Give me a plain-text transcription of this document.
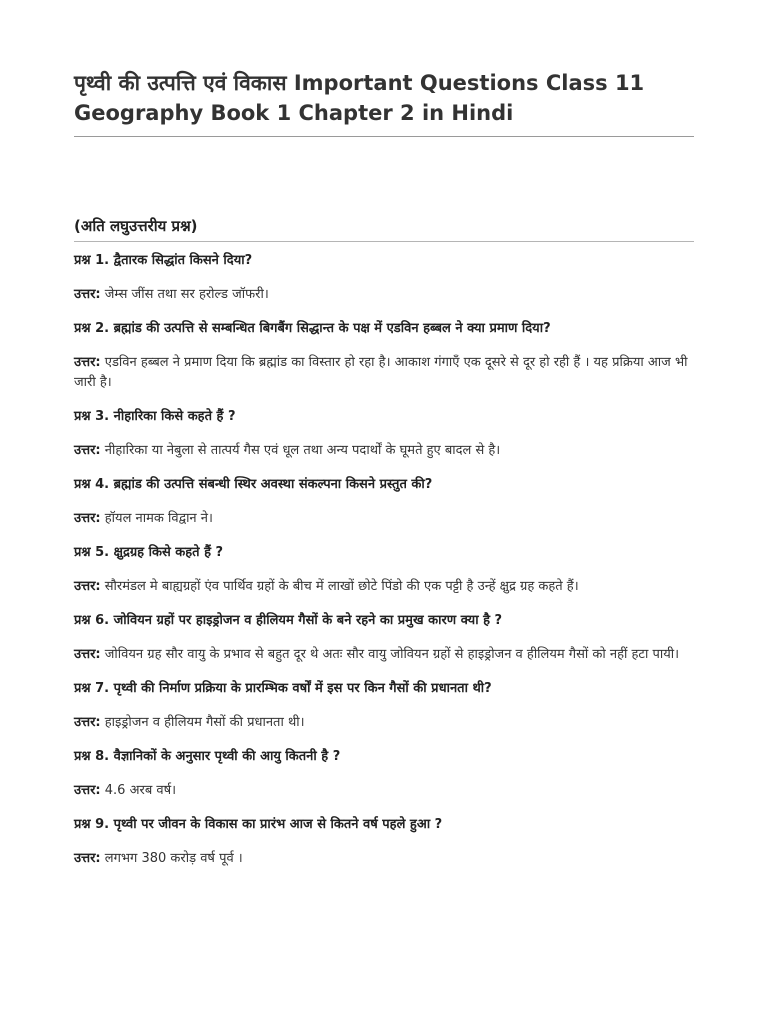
पृथ्वी की उत्पत्ति एवं विकास Important Questions Class 11 Geography Book 1 Chapter 2 in Hindi
(अति लघुउत्तरीय प्रश्न)
प्रश्न 1. द्वैतारक सिद्धांत किसने दिया?
उत्तर: जेम्स जींस तथा सर हरोल्ड जॉफरी।
प्रश्न 2. ब्रह्मांड की उत्पत्ति से सम्बन्धित बिगबैंग सिद्धान्त के पक्ष में एडविन हब्बल ने क्या प्रमाण दिया?
उत्तर: एडविन हब्बल ने प्रमाण दिया कि ब्रह्मांड का विस्तार हो रहा है। आकाश गंगाएँ एक दूसरे से दूर हो रही हैं । यह प्रक्रिया आज भी जारी है।
प्रश्न 3. नीहारिका किसे कहते हैं ?
उत्तर: नीहारिका या नेबुला से तात्पर्य गैस एवं धूल तथा अन्य पदार्थों के घूमते हुए बादल से है।
प्रश्न 4. ब्रह्मांड की उत्पत्ति संबन्धी स्थिर अवस्था संकल्पना किसने प्रस्तुत की?
उत्तर: हॉयल नामक विद्वान ने।
प्रश्न 5. क्षुद्रग्रह किसे कहते हैं ?
उत्तर: सौरमंडल मे बाह्यग्रहों एंव पार्थिव ग्रहों के बीच में लाखों छोटे पिंडो की एक पट्टी है उन्हें क्षुद्र ग्रह कहते हैं।
प्रश्न 6. जोवियन ग्रहों पर हाइड्रोजन व हीलियम गैसों के बने रहने का प्रमुख कारण क्या है ?
उत्तर: जोवियन ग्रह सौर वायु के प्रभाव से बहुत दूर थे अतः सौर वायु जोवियन ग्रहों से हाइड्रोजन व हीलियम गैसों को नहीं हटा पायी।
प्रश्न 7. पृथ्वी की निर्माण प्रक्रिया के प्रारम्भिक वर्षों में इस पर किन गैसों की प्रधानता थी?
उत्तर: हाइड्रोजन व हीलियम गैसों की प्रधानता थी।
प्रश्न 8. वैज्ञानिकों के अनुसार पृथ्वी की आयु कितनी है ?
उत्तर: 4.6 अरब वर्ष।
प्रश्न 9. पृथ्वी पर जीवन के विकास का प्रारंभ आज से कितने वर्ष पहले हुआ ?
उत्तर: लगभग 380 करोड़ वर्ष पूर्व ।
